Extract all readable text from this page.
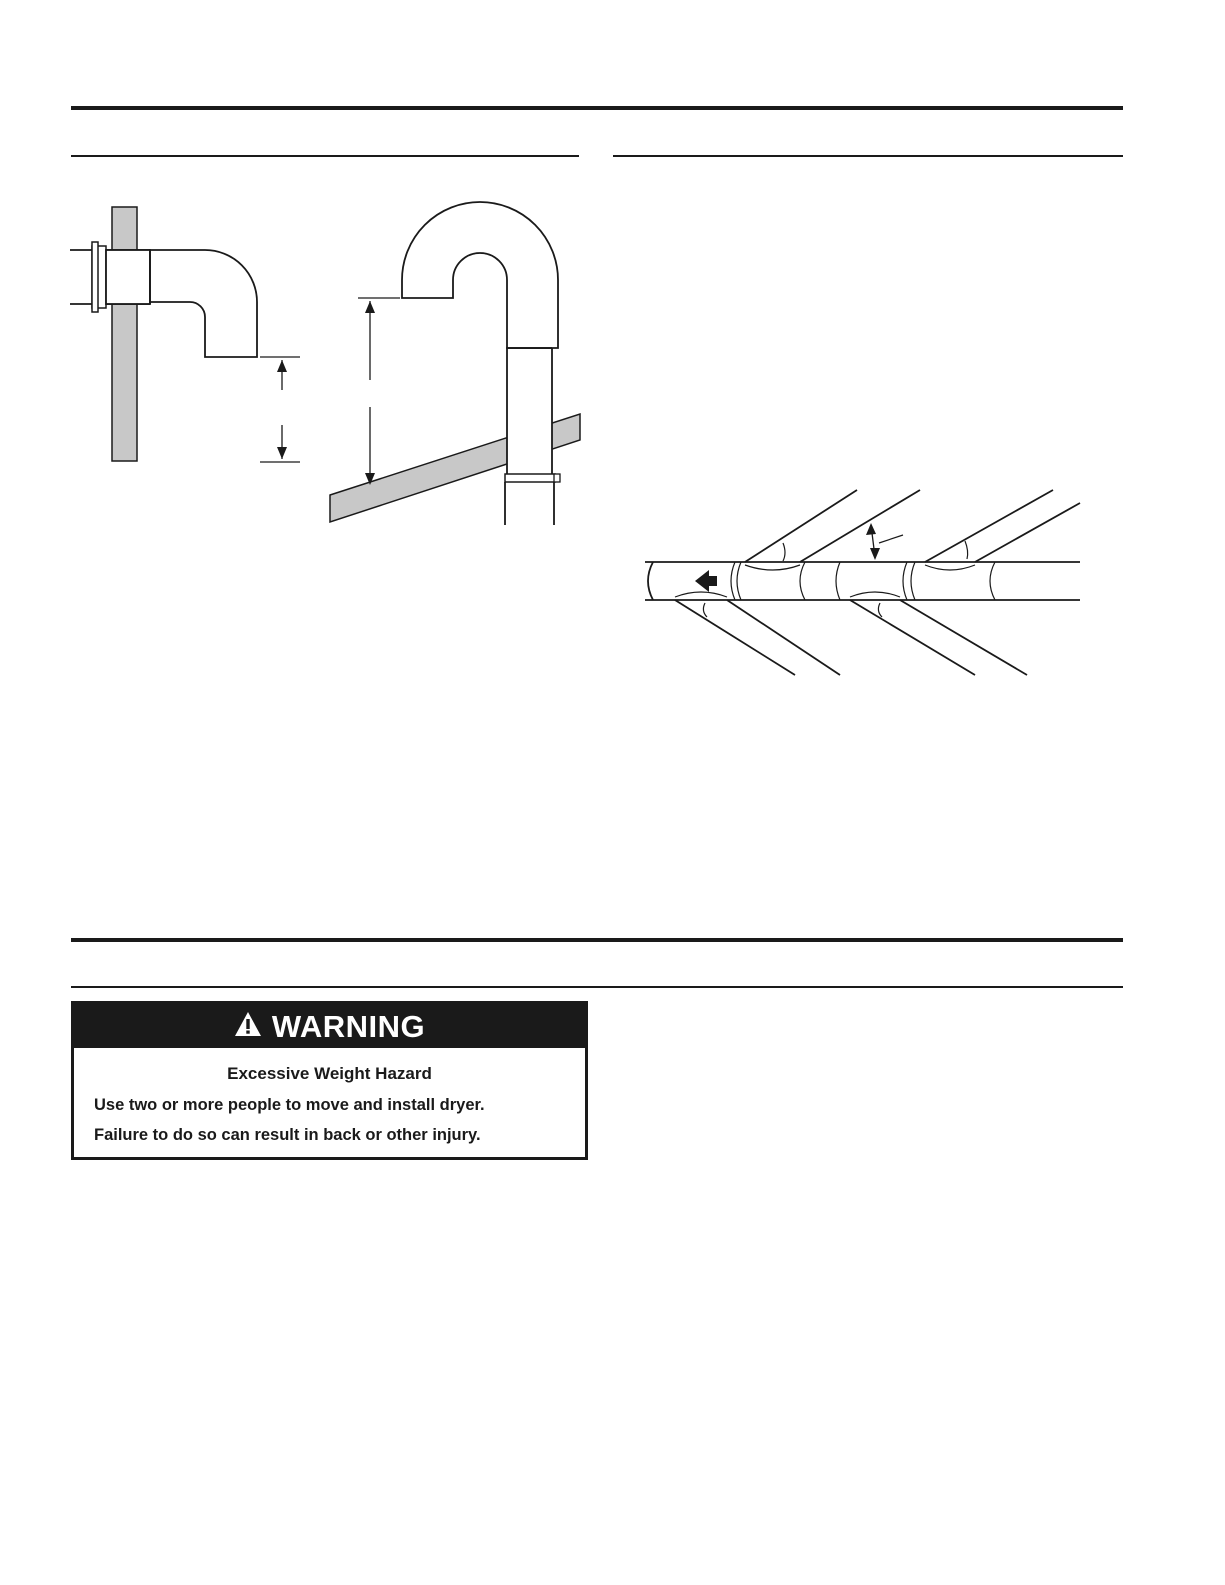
WARNING
Excessive Weight Hazard
Use two or more people to move and install dryer.
Failure to do so can result in back or other injury.
